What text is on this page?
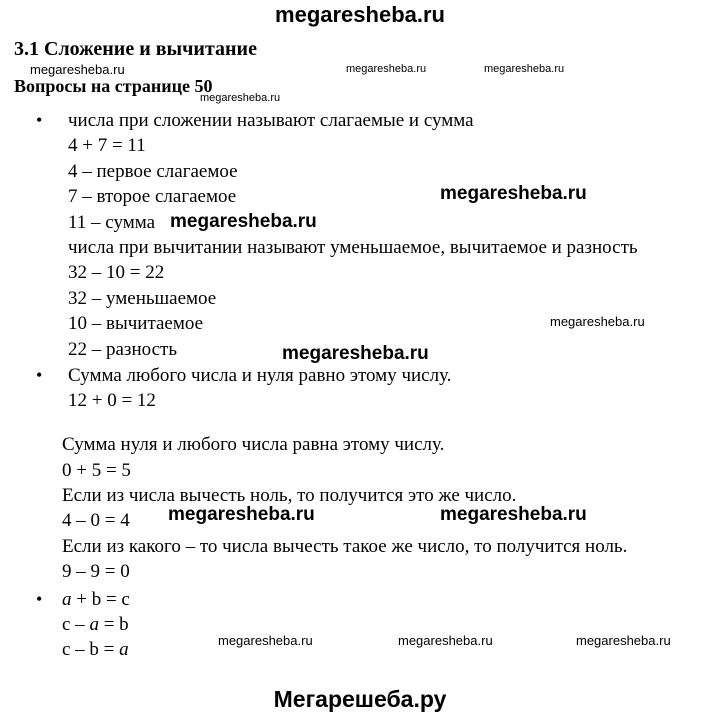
megaresheba.ru
Мегарешеба.ру
3.1 Сложение и вычитание
Вопросы на странице 50
megaresheba.ru	megaresheba.ru	megaresheba.ru
megaresheba.ru
megaresheba.ru
megaresheba.ru
megaresheba.ru
megaresheba.ru
megaresheba.ru	megaresheba.ru
megaresheba.ru	megaresheba.ru	megaresheba.ru
•
•
•
числа при сложении называют слагаемые и сумма
4 + 7 = 11
4 – первое слагаемое
7 – второе слагаемое
11 – сумма
числа при вычитании называют уменьшаемое, вычитаемое и разность
32 – 10 = 22
32 – уменьшаемое
10 – вычитаемое
22 – разность
Сумма любого числа и нуля равно этому числу.
12 + 0 = 12
Сумма нуля и любого числа равна этому числу.
0 + 5 = 5
Если из числа вычесть ноль, то получится это же число.
4 – 0 = 4
Если из какого – то числа вычесть такое же число, то получится ноль.
9 – 9 = 0
a + b = c
c – a = b
c – b = a
